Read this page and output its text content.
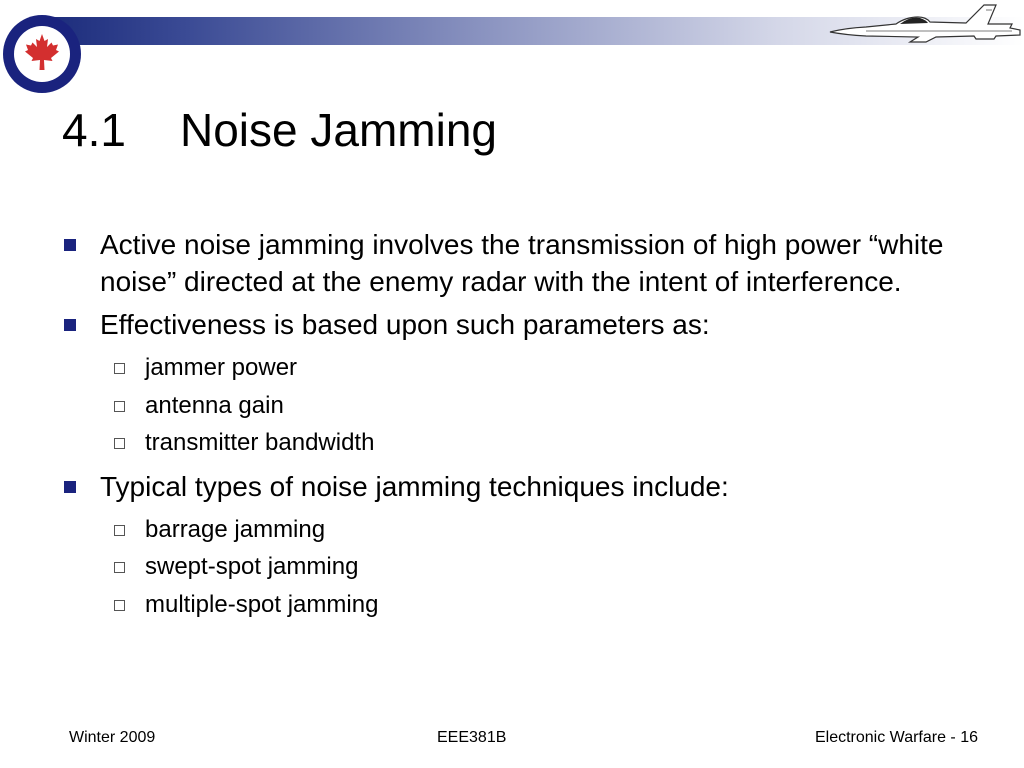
4.1 Noise Jamming
Active noise jamming involves the transmission of high power “white noise” directed at the enemy radar with the intent of interference.
Effectiveness is based upon such parameters as:
jammer power
antenna gain
transmitter bandwidth
Typical types of noise jamming techniques include:
barrage jamming
swept-spot jamming
multiple-spot jamming
Winter 2009	EEE381B	Electronic Warfare - 16
